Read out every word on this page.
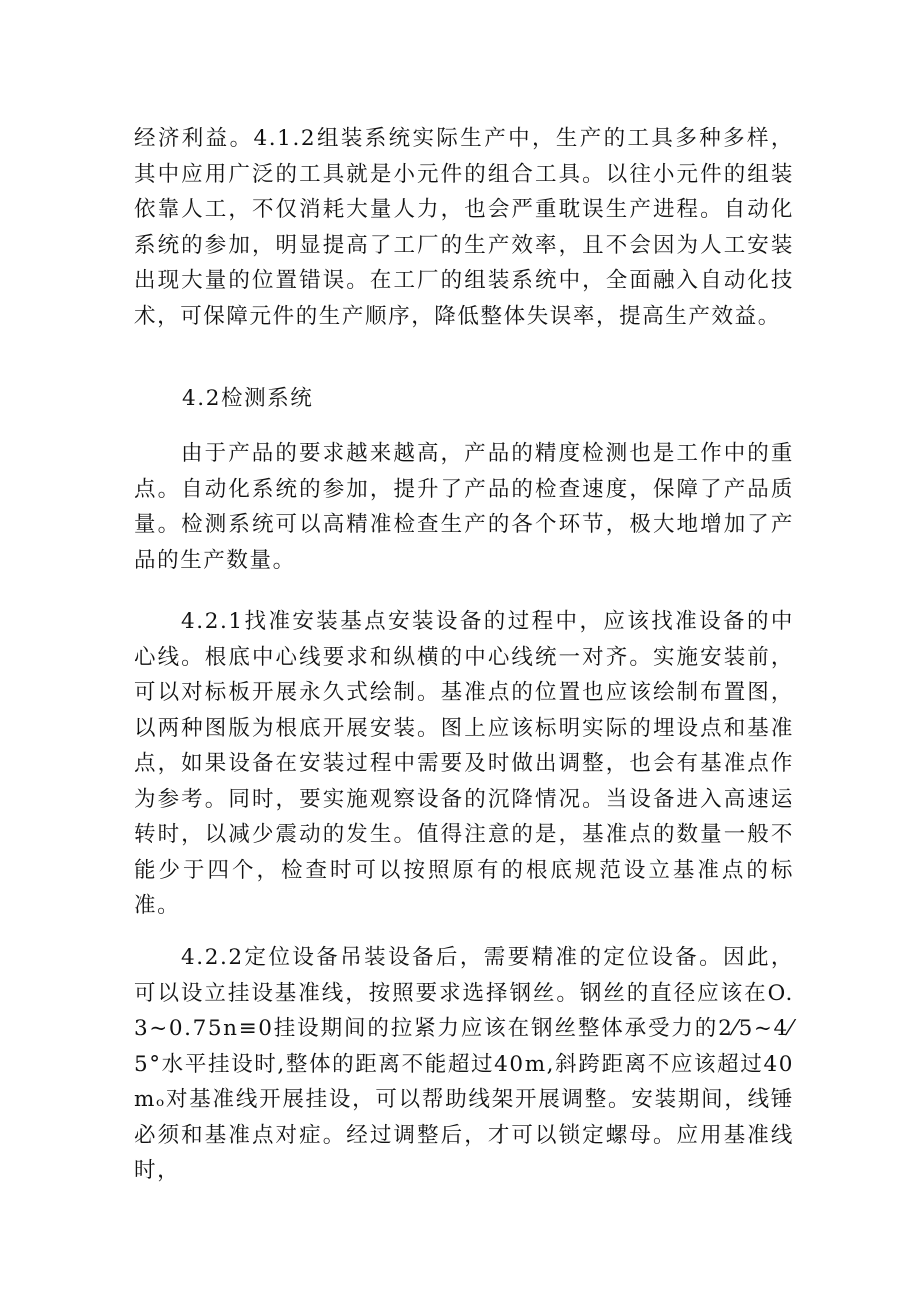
经济利益。4.1.2组装系统实际生产中，生产的工具多种多样，其中应用广泛的工具就是小元件的组合工具。以往小元件的组装依靠人工，不仅消耗大量人力，也会严重耽误生产进程。自动化系统的参加，明显提高了工厂的生产效率，且不会因为人工安装出现大量的位置错误。在工厂的组装系统中，全面融入自动化技术，可保障元件的生产顺序，降低整体失误率，提高生产效益。

4.2检测系统

由于产品的要求越来越高，产品的精度检测也是工作中的重点。自动化系统的参加，提升了产品的检查速度，保障了产品质量。检测系统可以高精准检查生产的各个环节，极大地增加了产品的生产数量。

4.2.1找准安装基点安装设备的过程中，应该找准设备的中心线。根底中心线要求和纵横的中心线统一对齐。实施安装前，可以对标板开展永久式绘制。基准点的位置也应该绘制布置图，以两种图版为根底开展安装。图上应该标明实际的埋设点和基准点，如果设备在安装过程中需要及时做出调整，也会有基准点作为参考。同时，要实施观察设备的沉降情况。当设备进入高速运转时，以减少震动的发生。值得注意的是，基准点的数量一般不能少于四个，检查时可以按照原有的根底规范设立基准点的标准。

4.2.2定位设备吊装设备后，需要精准的定位设备。因此，可以设立挂设基准线，按照要求选择钢丝。钢丝的直径应该在O.3~0.75n≡0挂设期间的拉紧力应该在钢丝整体承受力的2⁄5~4⁄5°水平挂设时,整体的距离不能超过40m,斜跨距离不应该超过40mₒ对基准线开展挂设，可以帮助线架开展调整。安装期间，线锤必须和基准点对症。经过调整后，才可以锁定螺母。应用基准线时，
